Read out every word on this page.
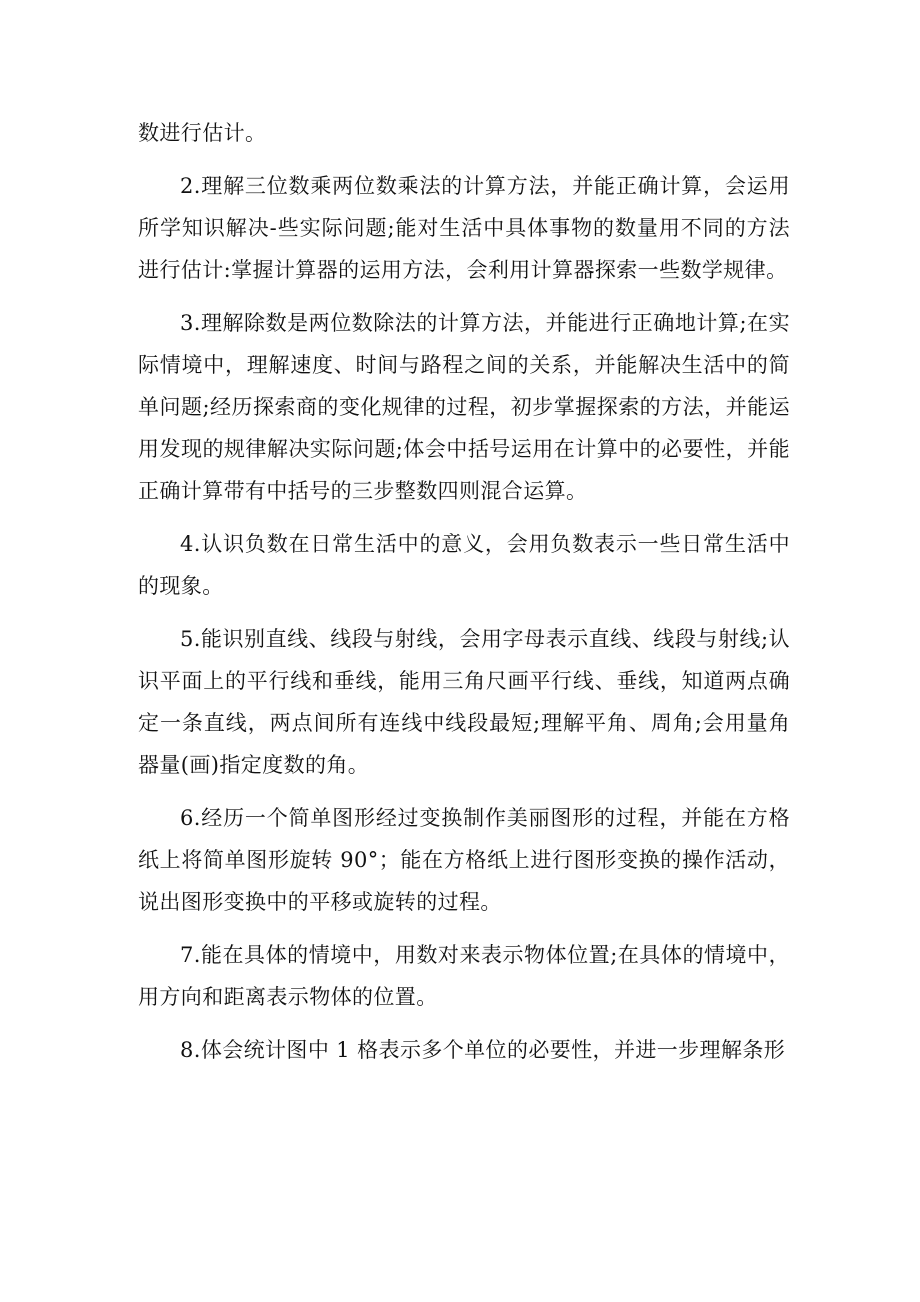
数进行估计。

2.理解三位数乘两位数乘法的计算方法，并能正确计算，会运用所学知识解决-些实际问题;能对生活中具体事物的数量用不同的方法进行估计:掌握计算器的运用方法，会利用计算器探索一些数学规律。

3.理解除数是两位数除法的计算方法，并能进行正确地计算;在实际情境中，理解速度、时间与路程之间的关系，并能解决生活中的简单问题;经历探索商的变化规律的过程，初步掌握探索的方法，并能运用发现的规律解决实际问题;体会中括号运用在计算中的必要性，并能正确计算带有中括号的三步整数四则混合运算。

4.认识负数在日常生活中的意义，会用负数表示一些日常生活中的现象。

5.能识别直线、线段与射线，会用字母表示直线、线段与射线;认识平面上的平行线和垂线，能用三角尺画平行线、垂线，知道两点确定一条直线，两点间所有连线中线段最短;理解平角、周角;会用量角器量(画)指定度数的角。

6.经历一个简单图形经过变换制作美丽图形的过程，并能在方格纸上将简单图形旋转 90°；能在方格纸上进行图形变换的操作活动，说出图形变换中的平移或旋转的过程。

7.能在具体的情境中，用数对来表示物体位置;在具体的情境中，用方向和距离表示物体的位置。

8.体会统计图中 1 格表示多个单位的必要性，并进一步理解条形
